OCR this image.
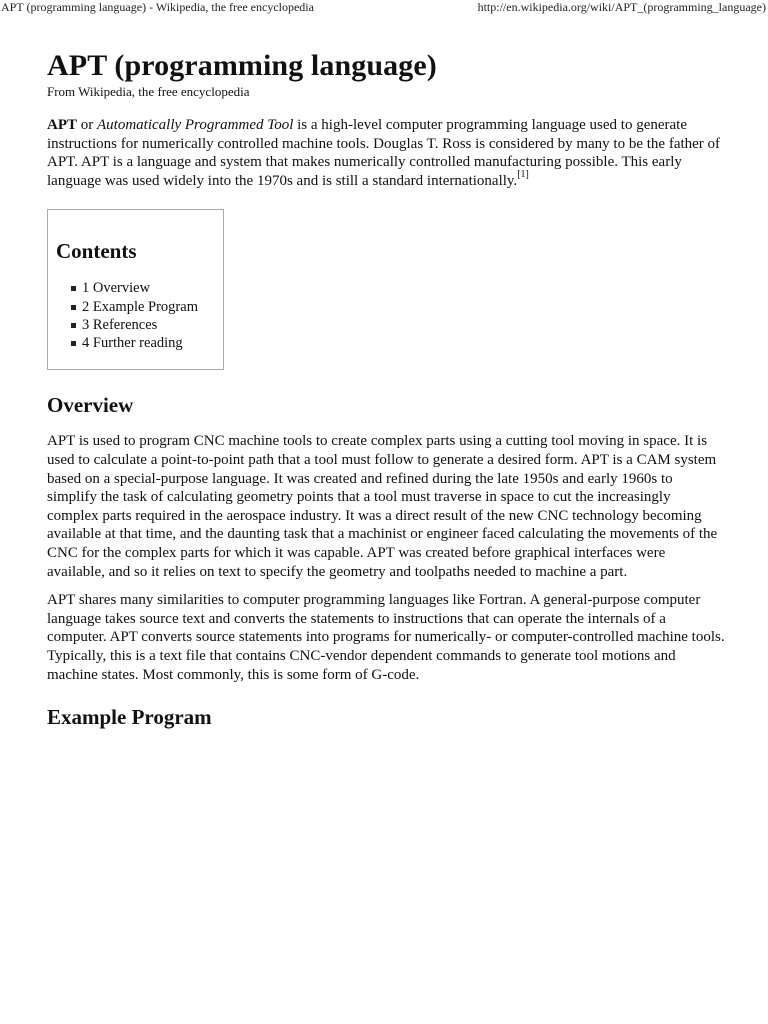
APT (programming language) - Wikipedia, the free encyclopedia	http://en.wikipedia.org/wiki/APT_(programming_language)
APT (programming language)
From Wikipedia, the free encyclopedia

APT or Automatically Programmed Tool is a high-level computer programming language used to generate instructions for numerically controlled machine tools. Douglas T. Ross is considered by many to be the father of APT. APT is a language and system that makes numerically controlled manufacturing possible. This early language was used widely into the 1970s and is still a standard internationally.[1]

Contents
1 Overview
2 Example Program
3 References
4 Further reading
Overview

APT is used to program CNC machine tools to create complex parts using a cutting tool moving in space. It is used to calculate a point-to-point path that a tool must follow to generate a desired form. APT is a CAM system based on a special-purpose language. It was created and refined during the late 1950s and early 1960s to simplify the task of calculating geometry points that a tool must traverse in space to cut the increasingly complex parts required in the aerospace industry. It was a direct result of the new CNC technology becoming available at that time, and the daunting task that a machinist or engineer faced calculating the movements of the CNC for the complex parts for which it was capable. APT was created before graphical interfaces were available, and so it relies on text to specify the geometry and toolpaths needed to machine a part.

APT shares many similarities to computer programming languages like Fortran. A general-purpose computer language takes source text and converts the statements to instructions that can operate the internals of a computer. APT converts source statements into programs for numerically- or computer-controlled machine tools. Typically, this is a text file that contains CNC-vendor dependent commands to generate tool motions and machine states. Most commonly, this is some form of G-code.

Example Program
